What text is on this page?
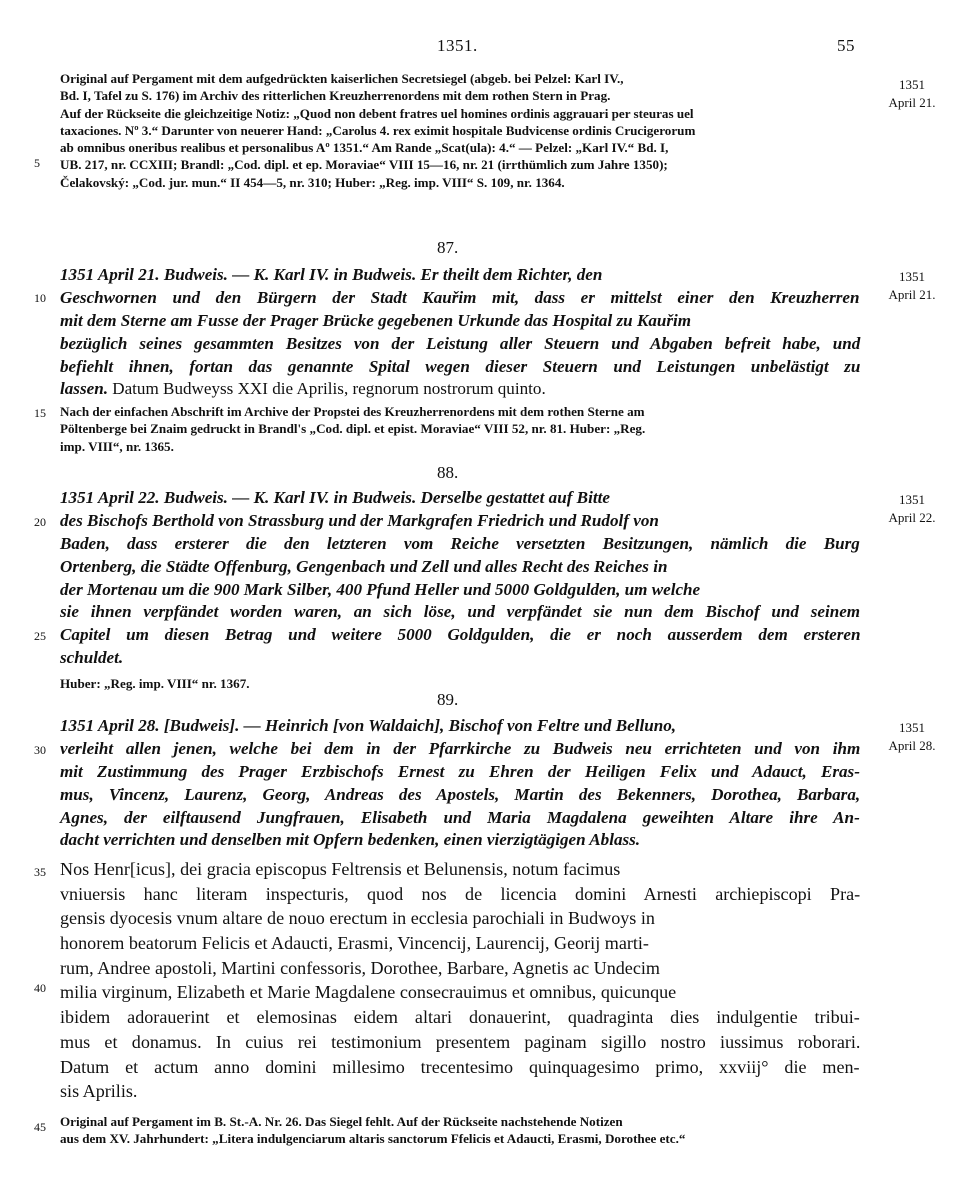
1351.	55
Original auf Pergament mit dem aufgedrückten kaiserlichen Secretsiegel (abgeb. bei Pelzel: Karl IV.,
Bd. I, Tafel zu S. 176) im Archiv des ritterlichen Kreuzherrenordens mit dem rothen Stern in Prag.
Auf der Rückseite die gleichzeitige Notiz: „Quod non debent fratres uel homines ordinis aggrauari per steuras uel
taxaciones. Nº 3.“ Darunter von neuerer Hand: „Carolus 4. rex eximit hospitale Budvicense ordinis Crucigerorum
ab omnibus oneribus realibus et personalibus Aº 1351.“ Am Rande „Scat(ula): 4.“ — Pelzel: „Karl IV.“ Bd. I,
UB. 217, nr. CCXIII; Brandl: „Cod. dipl. et ep. Moraviae“ VIII 15—16, nr. 21 (irrthümlich zum Jahre 1350);
Čelakovský: „Cod. jur. mun.“ II 454—5, nr. 310; Huber: „Reg. imp. VIII“ S. 109, nr. 1364.
1351
April 21.
87.
1351 April 21. Budweis. — K. Karl IV. in Budweis. Er theilt dem Richter, den
Geschwornen und den Bürgern der Stadt Kauřim mit, dass er mittelst einer den Kreuzherren
mit dem Sterne am Fusse der Prager Brücke gegebenen Urkunde das Hospital zu Kauřim
bezüglich seines gesammten Besitzes von der Leistung aller Steuern und Abgaben befreit habe, und
befiehlt ihnen, fortan das genannte Spital wegen dieser Steuern und Leistungen unbelästigt zu
lassen. Datum Budweyss XXI die Aprilis, regnorum nostrorum quinto.
1351
April 21.
Nach der einfachen Abschrift im Archive der Propstei des Kreuzherrenordens mit dem rothen Sterne am
Pöltenberge bei Znaim gedruckt in Brandl's „Cod. dipl. et epist. Moraviae“ VIII 52, nr. 81. Huber: „Reg.
imp. VIII“, nr. 1365.
88.
1351 April 22. Budweis. — K. Karl IV. in Budweis. Derselbe gestattet auf Bitte
des Bischofs Berthold von Strassburg und der Markgrafen Friedrich und Rudolf von
Baden, dass ersterer die den letzteren vom Reiche versetzten Besitzungen, nämlich die Burg
Ortenberg, die Städte Offenburg, Gengenbach und Zell und alles Recht des Reiches in
der Mortenau um die 900 Mark Silber, 400 Pfund Heller und 5000 Goldgulden, um welche
sie ihnen verpfändet worden waren, an sich löse, und verpfändet sie nun dem Bischof und seinem
Capitel um diesen Betrag und weitere 5000 Goldgulden, die er noch ausserdem dem ersteren
schuldet.
1351
April 22.
Huber: „Reg. imp. VIII“ nr. 1367.
89.
1351 April 28. [Budweis]. — Heinrich [von Waldaich], Bischof von Feltre und Belluno,
verleiht allen jenen, welche bei dem in der Pfarrkirche zu Budweis neu errichteten und von ihm
mit Zustimmung des Prager Erzbischofs Ernest zu Ehren der Heiligen Felix und Adauct, Eras-
mus, Vincenz, Laurenz, Georg, Andreas des Apostels, Martin des Bekenners, Dorothea, Barbara,
Agnes, der eilftausend Jungfrauen, Elisabeth und Maria Magdalena geweihten Altare ihre An-
dacht verrichten und denselben mit Opfern bedenken, einen vierzigtägigen Ablass.
1351
April 28.
Nos Henr[icus], dei gracia episcopus Feltrensis et Belunensis, notum facimus
vniuersis hanc literam inspecturis, quod nos de licencia domini Arnesti archiepiscopi Pra-
gensis dyocesis vnum altare de nouo erectum in ecclesia parochiali in Budwoys in
honorem beatorum Felicis et Adaucti, Erasmi, Vincencij, Laurencij, Georij marti-
rum, Andree apostoli, Martini confessoris, Dorothee, Barbare, Agnetis ac Undecim
milia virginum, Elizabeth et Marie Magdalene consecrauimus et omnibus, quicunque
ibidem adorauerint et elemosinas eidem altari donauerint, quadraginta dies indulgentie tribui-
mus et donamus. In cuius rei testimonium presentem paginam sigillo nostro iussimus roborari.
Datum et actum anno domini millesimo trecentesimo quinquagesimo primo, xxviij° die men-
sis Aprilis.
Original auf Pergament im B. St.-A. Nr. 26. Das Siegel fehlt. Auf der Rückseite nachstehende Notizen
aus dem XV. Jahrhundert: „Litera indulgenciarum altaris sanctorum Ffelicis et Adaucti, Erasmi, Dorothee etc.“
5
10
15
20
25
30
35
40
45
